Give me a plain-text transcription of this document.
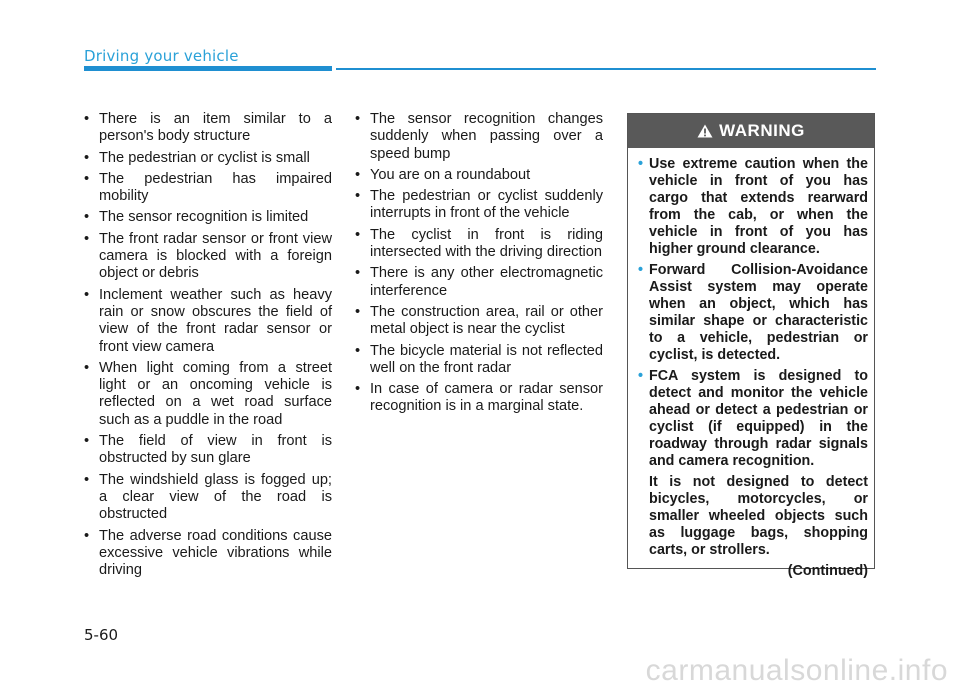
Driving your vehicle
• There is an item similar to a person's body structure
• The pedestrian or cyclist is small
• The pedestrian has impaired mobility
• The sensor recognition is limited
• The front radar sensor or front view camera is blocked with a foreign object or debris
• Inclement weather such as heavy rain or snow obscures the field of view of the front radar sensor or front view camera
• When light coming from a street light or an oncoming vehicle is reflected on a wet road surface such as a puddle in the road
• The field of view in front is obstructed by sun glare
• The windshield glass is fogged up; a clear view of the road is obstructed
• The adverse road conditions cause excessive vehicle vibrations while driving
• The sensor recognition changes suddenly when passing over a speed bump
• You are on a roundabout
• The pedestrian or cyclist suddenly interrupts in front of the vehicle
• The cyclist in front is riding intersected with the driving direction
• There is any other electromagnetic interference
• The construction area, rail or other metal object is near the cyclist
• The bicycle material is not reflected well on the front radar
• In case of camera or radar sensor recognition is in a marginal state.
WARNING
• Use extreme caution when the vehicle in front of you has cargo that extends rearward from the cab, or when the vehicle in front of you has higher ground clearance.
• Forward Collision-Avoidance Assist system may operate when an object, which has similar shape or characteristic to a vehicle, pedestrian or cyclist, is detected.
• FCA system is designed to detect and monitor the vehicle ahead or detect a pedestrian or cyclist (if equipped) in the roadway through radar signals and camera recognition.
It is not designed to detect bicycles, motorcycles, or smaller wheeled objects such as luggage bags, shopping carts, or strollers.
(Continued)
5-60
carmanualsonline.info
